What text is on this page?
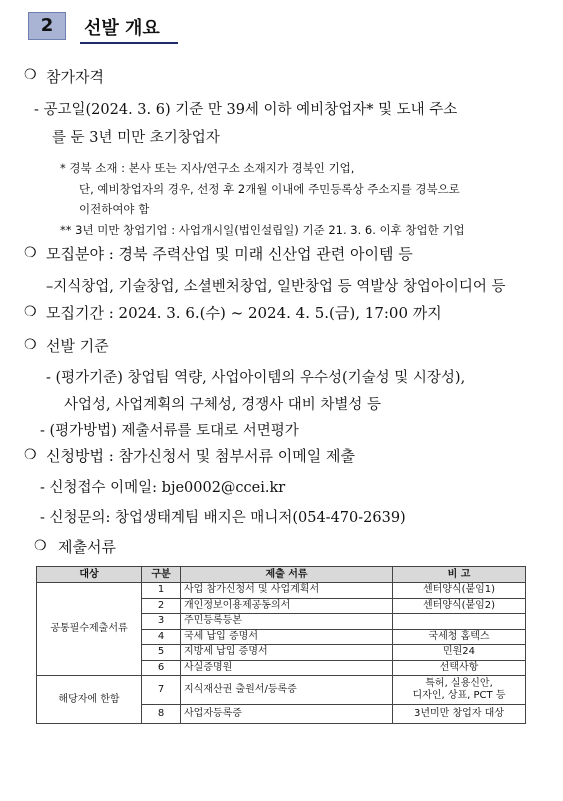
2	선발 개요
❍ 참가자격
- 공고일(2024. 3. 6) 기준 만 39세 이하 예비창업자* 및 도내 주소
를 둔 3년 미만 초기창업자
* 경북 소재 : 본사 또는 지사/연구소 소재지가 경북인 기업,
단, 예비창업자의 경우, 선정 후 2개월 이내에 주민등록상 주소지를 경북으로
이전하여야 함
** 3년 미만 창업기업 : 사업개시일(법인설립일) 기준 21. 3. 6. 이후 창업한 기업
❍ 모집분야 : 경북 주력산업 및 미래 신산업 관련 아이템 등
–지식창업, 기술창업, 소셜벤처창업, 일반창업 등 역발상 창업아이디어 등
❍ 모집기간 : 2024. 3. 6.(수) ~ 2024. 4. 5.(금), 17:00 까지
❍ 선발 기준
- (평가기준) 창업팀 역량, 사업아이템의 우수성(기술성 및 시장성),
사업성, 사업계획의 구체성, 경쟁사 대비 차별성 등
- (평가방법) 제출서류를 토대로 서면평가
❍ 신청방법 : 참가신청서 및 첨부서류 이메일 제출
- 신청접수 이메일: bje0002@ccei.kr
- 신청문의: 창업생태계팀 배지은 매니저(054-470-2639)
❍ 제출서류
대상	구분	제출 서류	비 고
공통필수제출서류	1	사업 참가신청서 및 사업계획서	센터양식(붙임1)
	2	개인정보이용제공동의서	센터양식(붙임2)
	3	주민등록등본	
	4	국세 납입 증명서	국세청 홈텍스
	5	지방세 납입 증명서	민원24
	6	사실증명원	선택사항
해당자에 한함	7	지식재산권 출원서/등록증	특허, 실용신안,
디자인, 상표, PCT 등

	8	사업자등록증	3년미만 창업자 대상
